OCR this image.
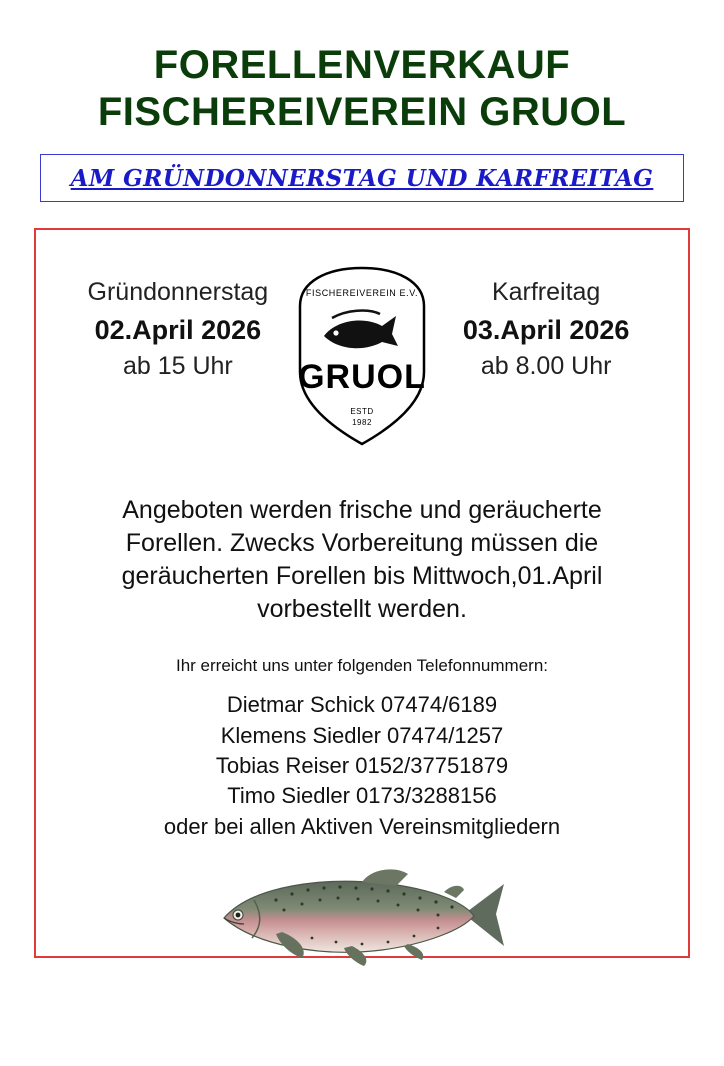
FORELLENVERKAUF
FISCHEREIVEREIN GRUOL
AM GRÜNDONNERSTAG UND KARFREITAG
Gründonnerstag
02.April 2026
ab 15 Uhr
FISCHEREIVEREIN E.V.
GRUOL
ESTD
1982
Karfreitag
03.April 2026
ab 8.00 Uhr
Angeboten werden frische und geräucherte Forellen. Zwecks Vorbereitung müssen die geräucherten Forellen bis Mittwoch,01.April vorbestellt werden.
Ihr erreicht uns unter folgenden Telefonnummern:
Dietmar Schick 07474/6189
Klemens Siedler 07474/1257
Tobias Reiser 0152/37751879
Timo Siedler 0173/3288156
oder bei allen Aktiven Vereinsmitgliedern
